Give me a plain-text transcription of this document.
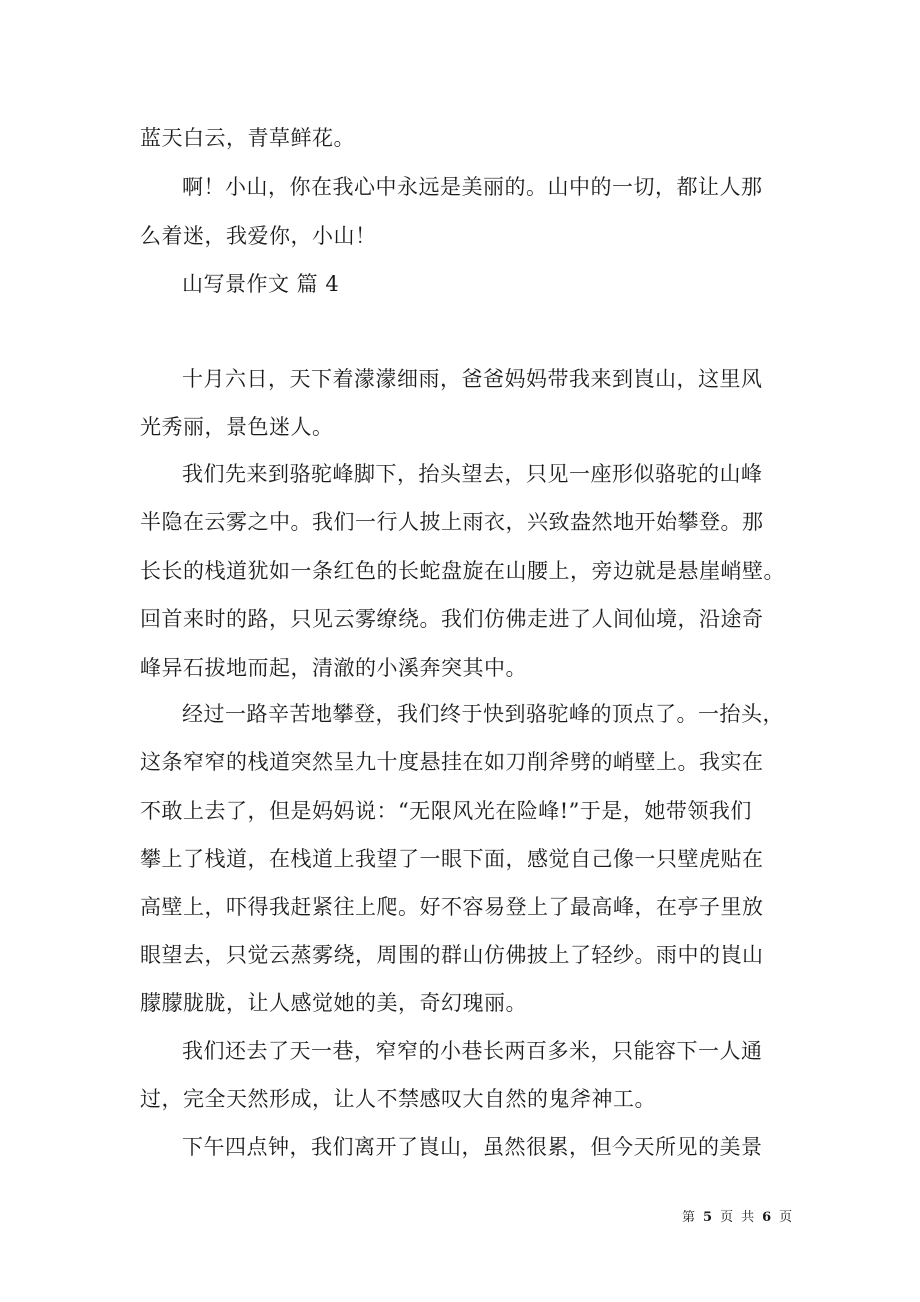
蓝天白云，青草鲜花。
啊！小山，你在我心中永远是美丽的。山中的一切，都让人那
么着迷，我爱你，小山！
山写景作文 篇 4
十月六日，天下着濛濛细雨，爸爸妈妈带我来到崀山，这里风
光秀丽，景色迷人。
我们先来到骆驼峰脚下，抬头望去，只见一座形似骆驼的山峰
半隐在云雾之中。我们一行人披上雨衣，兴致盎然地开始攀登。那
长长的栈道犹如一条红色的长蛇盘旋在山腰上，旁边就是悬崖峭壁。
回首来时的路，只见云雾缭绕。我们仿佛走进了人间仙境，沿途奇
峰异石拔地而起，清澈的小溪奔突其中。
经过一路辛苦地攀登，我们终于快到骆驼峰的顶点了。一抬头，
这条窄窄的栈道突然呈九十度悬挂在如刀削斧劈的峭壁上。我实在
不敢上去了，但是妈妈说：“无限风光在险峰!”于是，她带领我们
攀上了栈道，在栈道上我望了一眼下面，感觉自己像一只壁虎贴在
高壁上，吓得我赶紧往上爬。好不容易登上了最高峰，在亭子里放
眼望去，只觉云蒸雾绕，周围的群山仿佛披上了轻纱。雨中的崀山
朦朦胧胧，让人感觉她的美，奇幻瑰丽。
我们还去了天一巷，窄窄的小巷长两百多米，只能容下一人通
过，完全天然形成，让人不禁感叹大自然的鬼斧神工。
下午四点钟，我们离开了崀山，虽然很累，但今天所见的美景
第 5 页 共 6 页
